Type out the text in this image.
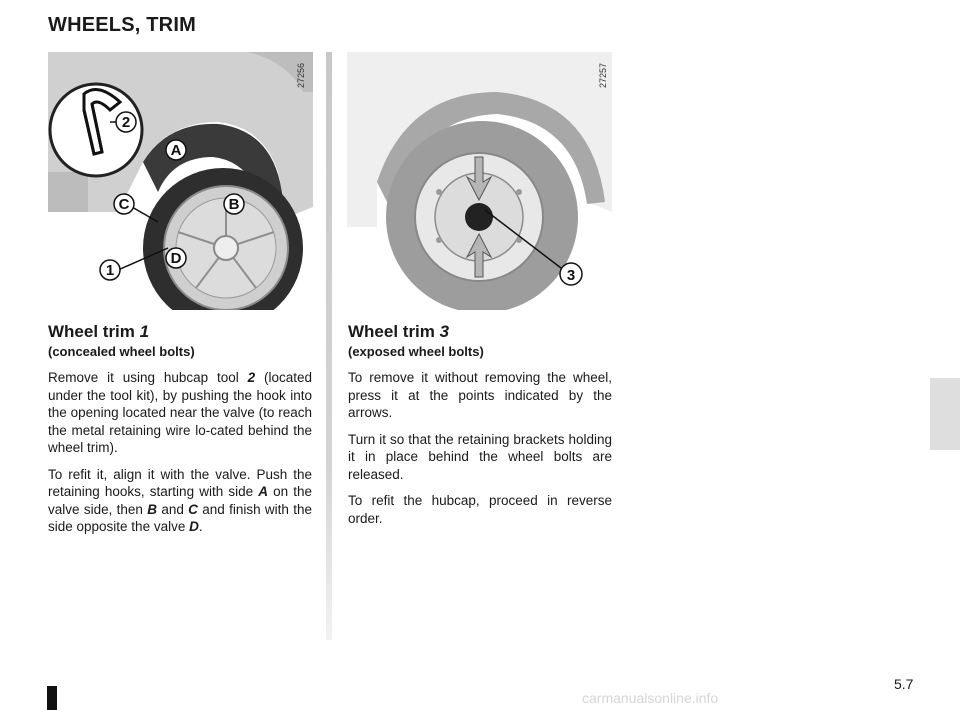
WHEELS, TRIM
2
A
B
C
D
1
27256
3
27257
Wheel trim 1
(concealed wheel bolts)

Remove it using hubcap tool 2 (located under the tool kit), by pushing the hook into the opening located near the valve (to reach the metal retaining wire lo-cated behind the wheel trim).

To refit it, align it with the valve. Push the retaining hooks, starting with side A on the valve side, then B and C and finish with the side opposite the valve D.

Wheel trim 3
(exposed wheel bolts)

To remove it without removing the wheel, press it at the points indicated by the arrows.

Turn it so that the retaining brackets holding it in place behind the wheel bolts are released.

To refit the hubcap, proceed in reverse order.

5.7
carmanualsonline.info
